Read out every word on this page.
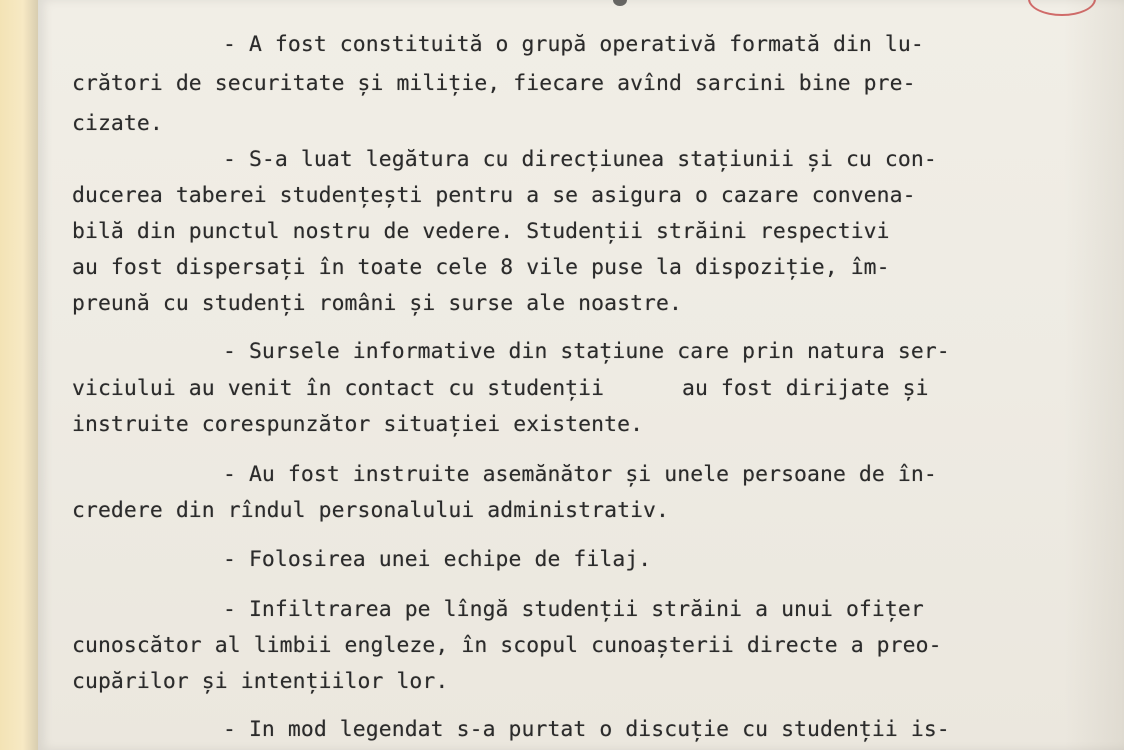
- A fost constituită o grupă operativă formată din lu-
crători de securitate și miliție, fiecare avînd sarcini bine pre-
cizate.
- S-a luat legătura cu direcțiunea stațiunii și cu con-
ducerea taberei studențești pentru a se asigura o cazare convena-
bilă din punctul nostru de vedere. Studenții străini respectivi
au fost dispersați în toate cele 8 vile puse la dispoziție, îm-
preună cu studenți români și surse ale noastre.
- Sursele informative din stațiune care prin natura ser-
viciului au venit în contact cu studenții      au fost dirijate și
instruite corespunzător situației existente.
- Au fost instruite asemănător și unele persoane de în-
credere din rîndul personalului administrativ.
- Folosirea unei echipe de filaj.
- Infiltrarea pe lîngă studenții străini a unui ofițer
cunoscător al limbii engleze, în scopul cunoașterii directe a preo-
cupărilor și intențiilor lor.
- In mod legendat s-a purtat o discuție cu studenții is-
